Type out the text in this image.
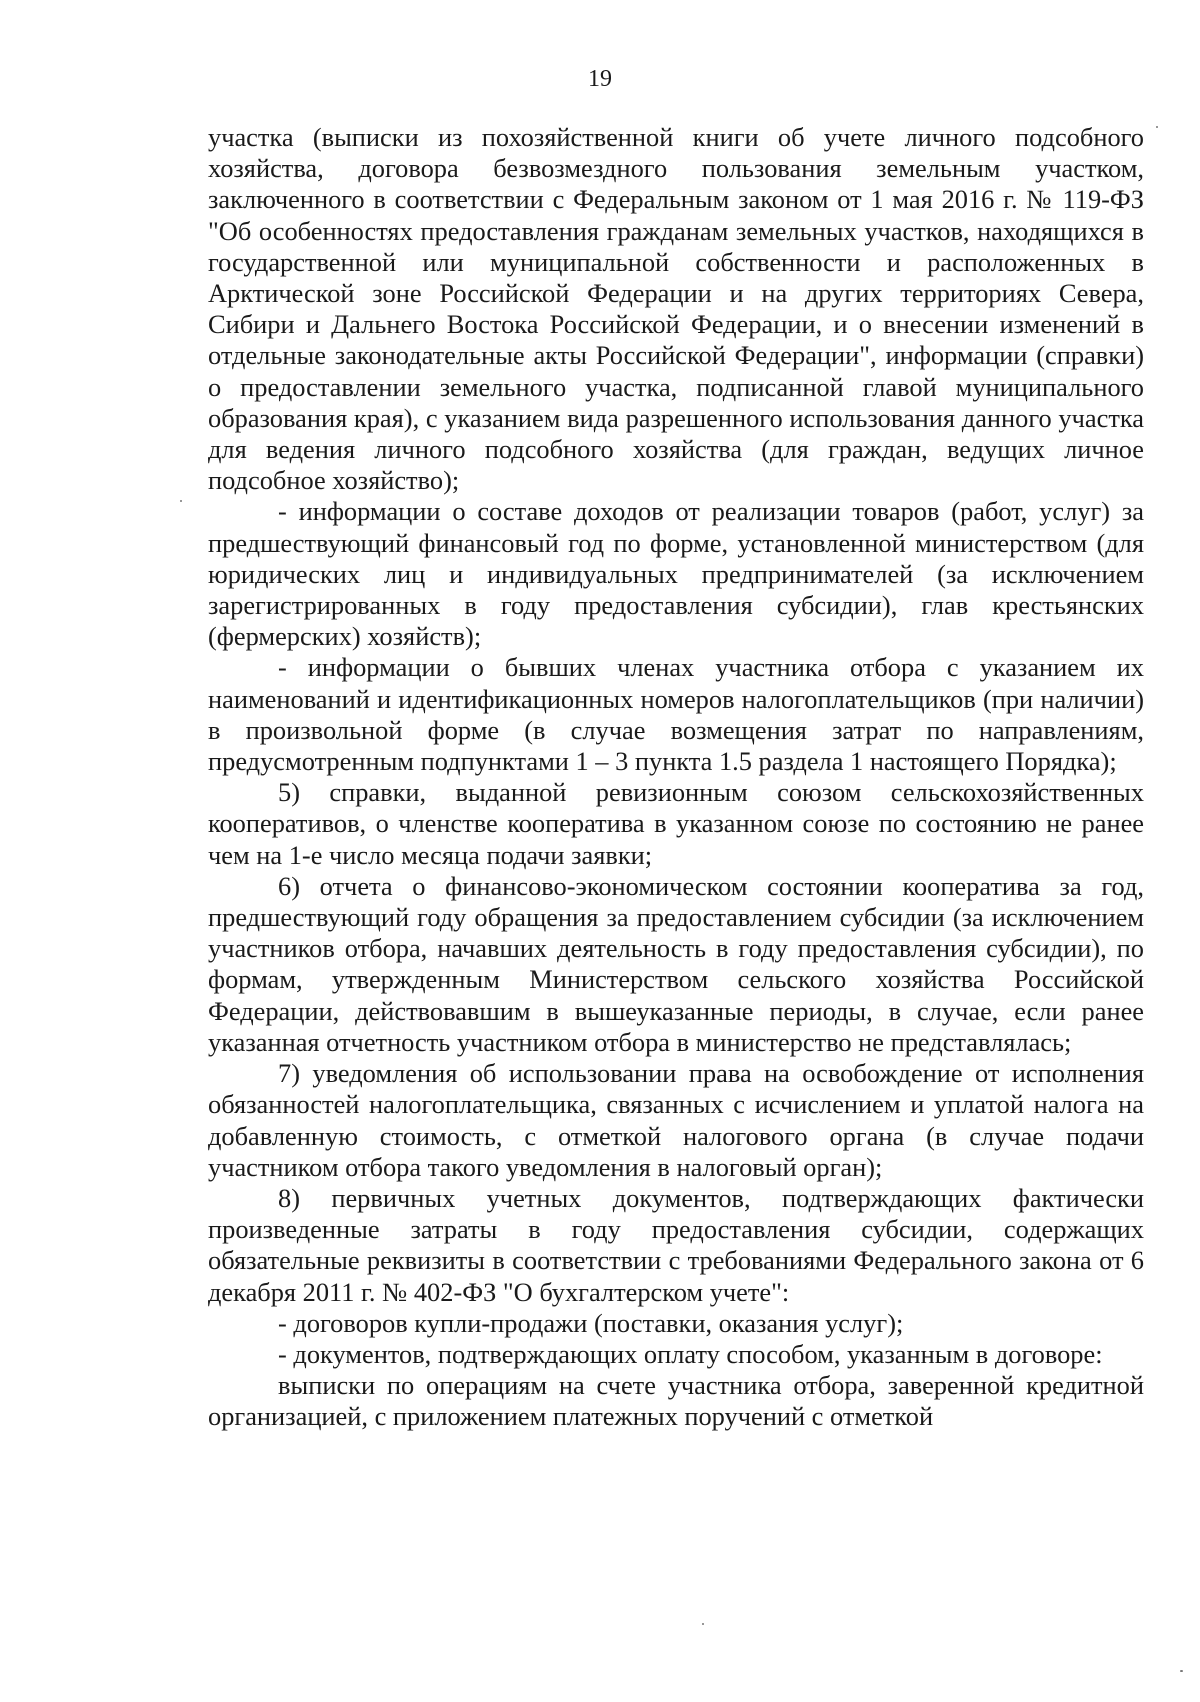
19

участка (выписки из похозяйственной книги об учете личного подсобного хозяйства, договора безвозмездного пользования земельным участком, заключенного в соответствии с Федеральным законом от 1 мая 2016 г. № 119-ФЗ "Об особенностях предоставления гражданам земельных участков, находящихся в государственной или муниципальной собственности и расположенных в Арктической зоне Российской Федерации и на других территориях Севера, Сибири и Дальнего Востока Российской Федерации, и о внесении изменений в отдельные законодательные акты Российской Федерации", информации (справки) о предоставлении земельного участка, подписанной главой муниципального образования края), с указанием вида разрешенного использования данного участка для ведения личного подсобного хозяйства (для граждан, ведущих личное подсобное хозяйство);

- информации о составе доходов от реализации товаров (работ, услуг) за предшествующий финансовый год по форме, установленной министерством (для юридических лиц и индивидуальных предпринимателей (за исключением зарегистрированных в году предоставления субсидии), глав крестьянских (фермерских) хозяйств);

- информации о бывших членах участника отбора с указанием их наименований и идентификационных номеров налогоплательщиков (при наличии) в произвольной форме (в случае возмещения затрат по направлениям, предусмотренным подпунктами 1 – 3 пункта 1.5 раздела 1 настоящего Порядка);

5) справки, выданной ревизионным союзом сельскохозяйственных кооперативов, о членстве кооператива в указанном союзе по состоянию не ранее чем на 1-е число месяца подачи заявки;

6) отчета о финансово-экономическом состоянии кооператива за год, предшествующий году обращения за предоставлением субсидии (за исключением участников отбора, начавших деятельность в году предоставления субсидии), по формам, утвержденным Министерством сельского хозяйства Российской Федерации, действовавшим в вышеуказанные периоды, в случае, если ранее указанная отчетность участником отбора в министерство не представлялась;

7) уведомления об использовании права на освобождение от исполнения обязанностей налогоплательщика, связанных с исчислением и уплатой налога на добавленную стоимость, с отметкой налогового органа (в случае подачи участником отбора такого уведомления в налоговый орган);

8) первичных учетных документов, подтверждающих фактически произведенные затраты в году предоставления субсидии, содержащих обязательные реквизиты в соответствии с требованиями Федерального закона от 6 декабря 2011 г. № 402-ФЗ "О бухгалтерском учете":

- договоров купли-продажи (поставки, оказания услуг);

- документов, подтверждающих оплату способом, указанным в договоре:

выписки по операциям на счете участника отбора, заверенной кредитной организацией, с приложением платежных поручений с отметкой
